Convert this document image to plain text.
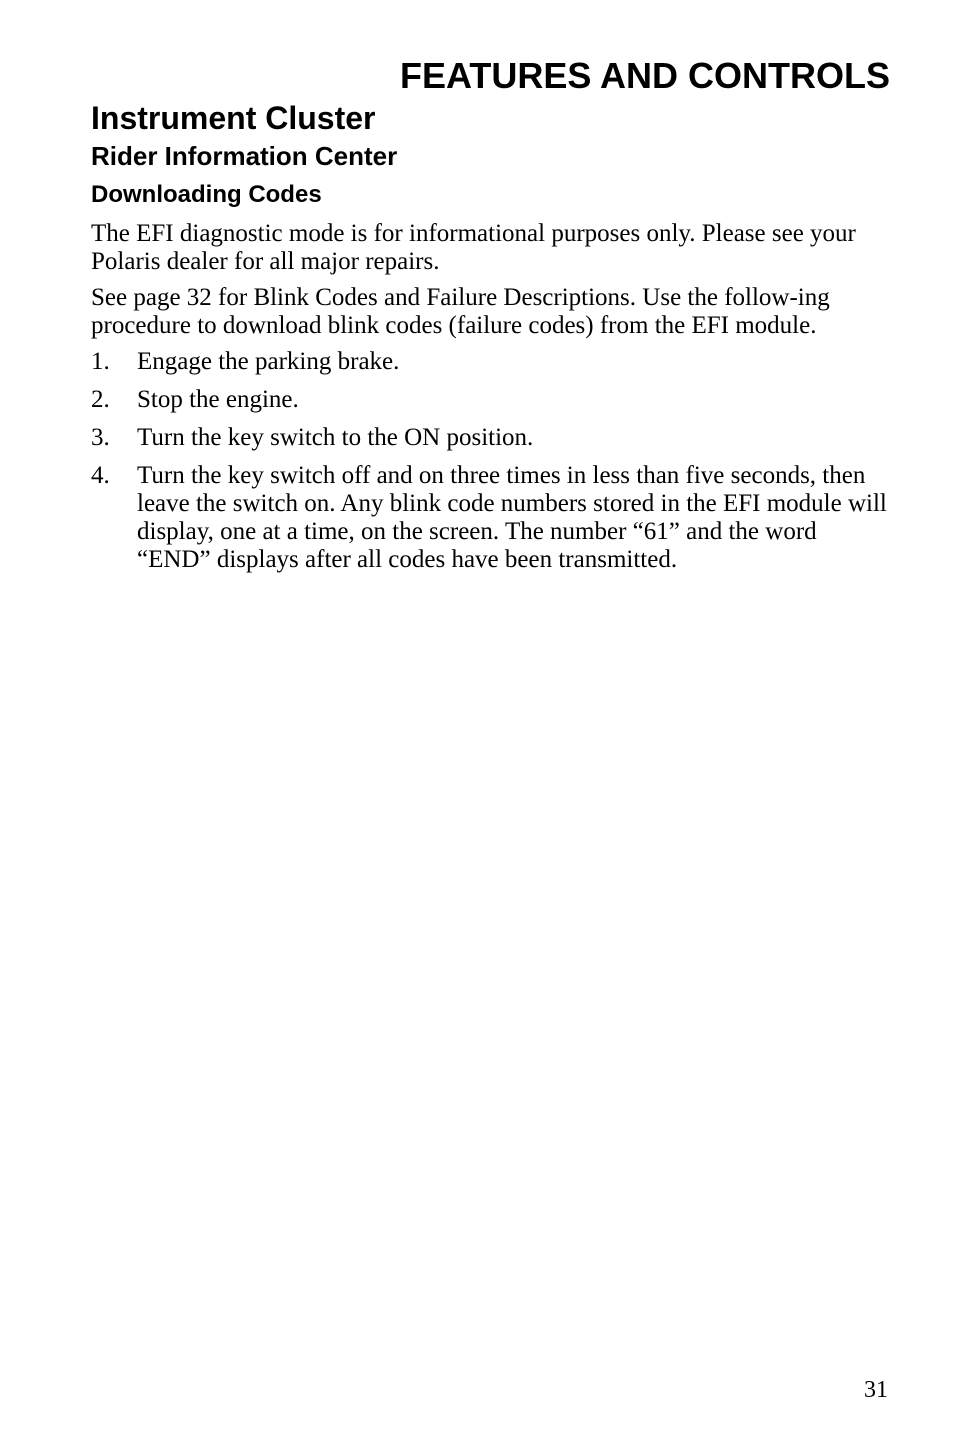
FEATURES AND CONTROLS
Instrument Cluster
Rider Information Center
Downloading Codes

The EFI diagnostic mode is for informational purposes only. Please see your Polaris dealer for all major repairs.

See page 32 for Blink Codes and Failure Descriptions. Use the follow-ing procedure to download blink codes (failure codes) from the EFI module.

1.	Engage the parking brake.
2.	Stop the engine.
3.	Turn the key switch to the ON position.
4.	Turn the key switch off and on three times in less than five seconds, then leave the switch on. Any blink code numbers stored in the EFI module will display, one at a time, on the screen. The number “61” and the word “END” displays after all codes have been transmitted.
31
